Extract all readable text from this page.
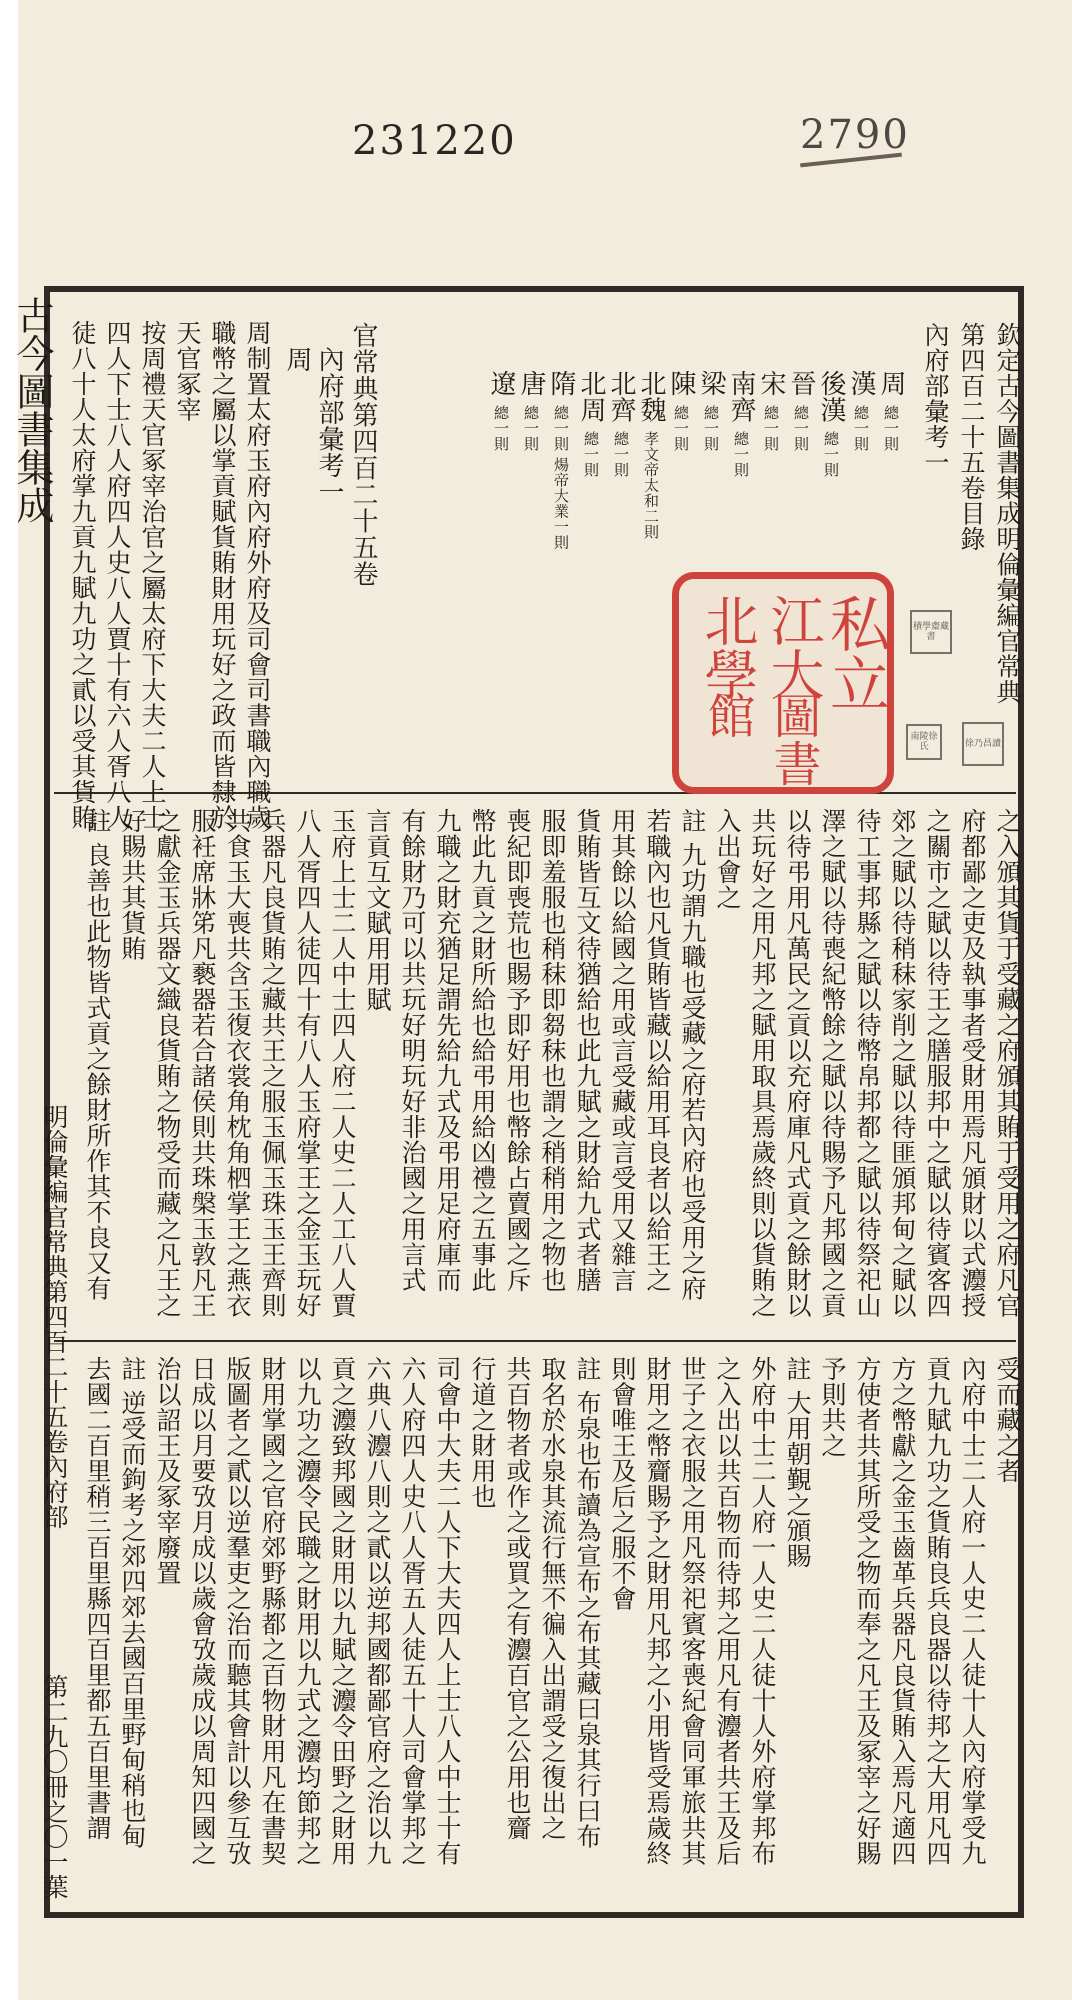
231220	2790
古今圖書集成
明倫彙編官常典第四百二十五卷內府部
第二九〇冊之〇一葉
欽定古今圖書集成明倫彙編官常典
第四百二十五卷目錄
內府部彙考一
周總一則
漢總一則
後漢總一則
晉總一則
宋總一則
南齊總一則
梁總一則
陳總一則
北魏孝文帝太和二則
北齊總一則
北周總一則
隋總一則 煬帝大業一則
唐總一則
遼總一則
官常典第四百二十五卷
內府部彙考一
周
周制置太府玉府內府外府及司會司書職內職歲
職幣之屬以掌貢賦貨賄財用玩好之政而皆隸於
天官冢宰
按周禮天官冢宰治官之屬太府下大夫二人上士
四人下士八人府四人史八人賈十有六人胥八人
徒八十人太府掌九貢九賦九功之貳以受其貨賄
之入頒其貨于受藏之府頒其賄于受用之府凡官
府都鄙之吏及執事者受財用焉凡頒財以式灋授
之關市之賦以待王之膳服邦中之賦以待賓客四
郊之賦以待稍秣家削之賦以待匪頒邦甸之賦以
待工事邦縣之賦以待幣帛邦都之賦以待祭祀山
澤之賦以待喪紀幣餘之賦以待賜予凡邦國之貢
以待弔用凡萬民之貢以充府庫凡式貢之餘財以
共玩好之用凡邦之賦用取具焉歲終則以貨賄之
入出會之
註 九功謂九職也受藏之府若內府也受用之府
若職內也凡貨賄皆藏以給用耳良者以給王之
用其餘以給國之用或言受藏或言受用又雜言
貨賄皆互文待猶給也此九賦之財給九式者膳
服即羞服也稍秣即芻秣也謂之稍稍用之物也
喪紀即喪荒也賜予即好用也幣餘占賣國之斥
幣此九貢之財所給也給弔用給凶禮之五事此
九職之財充猶足謂先給九式及弔用足府庫而
有餘財乃可以共玩好明玩好非治國之用言式
言貢互文賦用用賦
玉府上士二人中士四人府二人史二人工八人賈
八人胥四人徒四十有八人玉府掌王之金玉玩好
兵器凡良貨賄之藏共王之服玉佩玉珠玉王齊則
共食玉大喪共含玉復衣裳角枕角柶掌王之燕衣
服衽席牀笫凡褻器若合諸侯則共珠槃玉敦凡王
之獻金玉兵器文織良貨賄之物受而藏之凡王之
好賜共其貨賄
註 良善也此物皆式貢之餘財所作其不良又有
受而藏之者
內府中士二人府一人史二人徒十人內府掌受九
貢九賦九功之貨賄良兵良器以待邦之大用凡四
方之幣獻之金玉齒革兵器凡良貨賄入焉凡適四
方使者共其所受之物而奉之凡王及冢宰之好賜
予則共之
註 大用朝覲之頒賜
外府中士二人府一人史二人徒十人外府掌邦布
之入出以共百物而待邦之用凡有灋者共王及后
世子之衣服之用凡祭祀賓客喪紀會同軍旅共其
財用之幣齎賜予之財用凡邦之小用皆受焉歲終
則會唯王及后之服不會
註 布泉也布讀為宣布之布其藏曰泉其行曰布
取名於水泉其流行無不徧入出謂受之復出之
共百物者或作之或買之有灋百官之公用也齎
行道之財用也
司會中大夫二人下大夫四人上士八人中士十有
六人府四人史八人胥五人徒五十人司會掌邦之
六典八灋八則之貳以逆邦國都鄙官府之治以九
貢之灋致邦國之財用以九賦之灋令田野之財用
以九功之灋令民職之財用以九式之灋均節邦之
財用掌國之官府郊野縣都之百物財用凡在書契
版圖者之貳以逆羣吏之治而聽其會計以參互攷
日成以月要攷月成以歲會攷歲成以周知四國之
治以詔王及冢宰廢置
註 逆受而鉤考之郊四郊去國百里野甸稍也甸
去國二百里稍三百里縣四百里都五百里書謂
私立
江大
北學
圖書
館
積學齋藏書
徐乃昌讀
南陵徐氏
